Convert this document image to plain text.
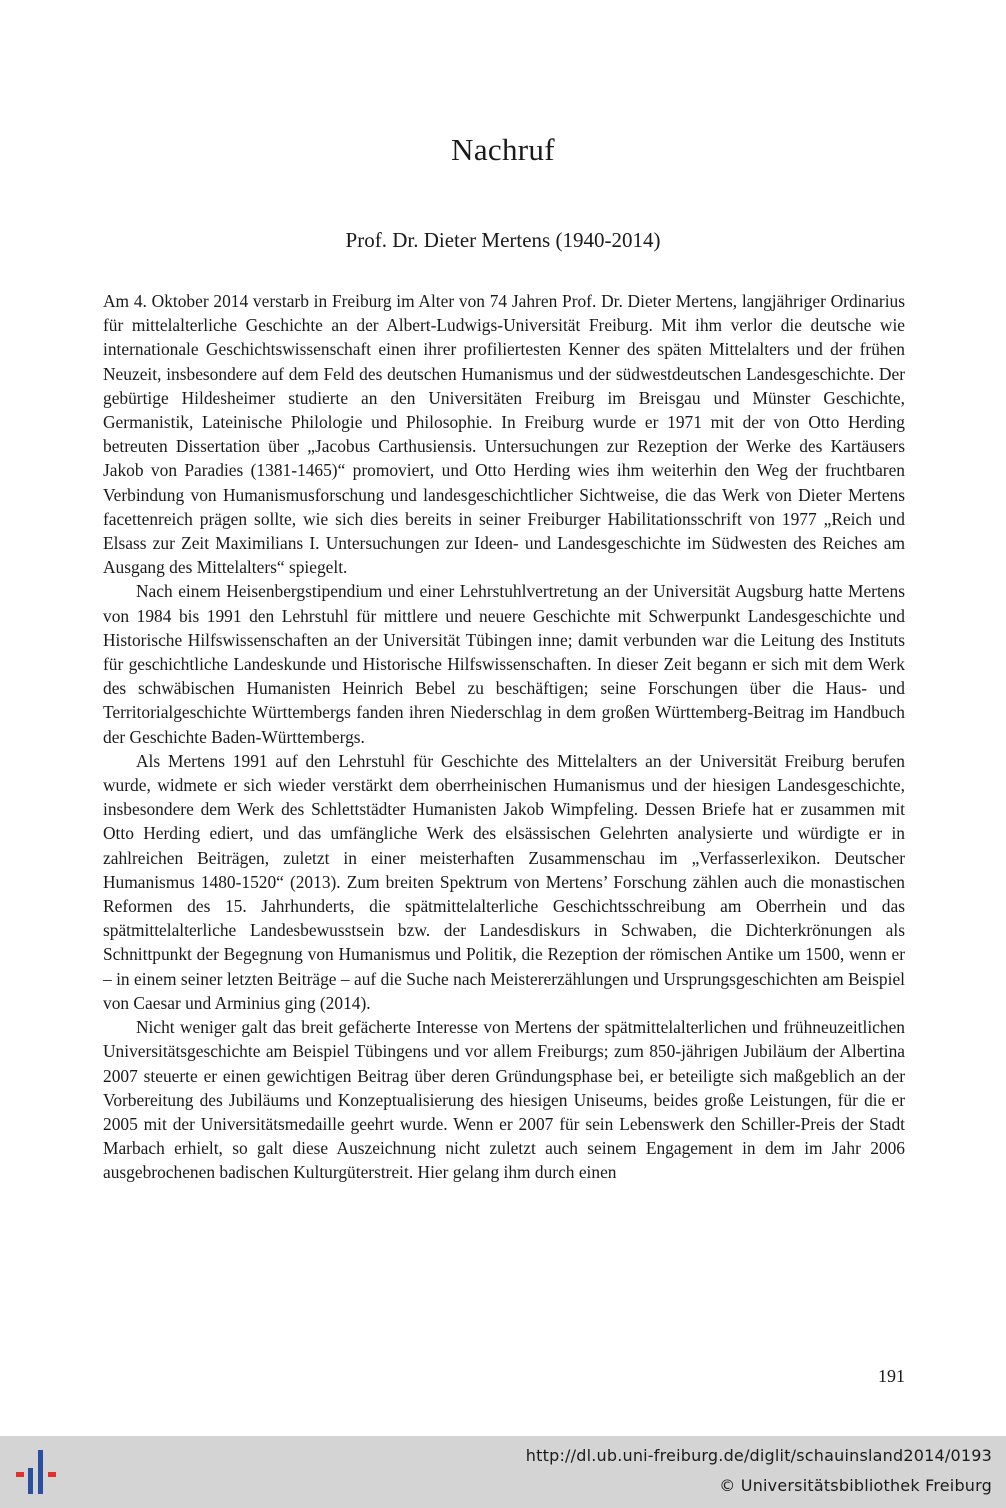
Nachruf
Prof. Dr. Dieter Mertens (1940-2014)

Am 4. Oktober 2014 verstarb in Freiburg im Alter von 74 Jahren Prof. Dr. Dieter Mertens, langjähriger Ordinarius für mittelalterliche Geschichte an der Albert-Ludwigs-Universität Freiburg. Mit ihm verlor die deutsche wie internationale Geschichtswissenschaft einen ihrer profiliertesten Kenner des späten Mittelalters und der frühen Neuzeit, insbesondere auf dem Feld des deutschen Humanismus und der südwestdeutschen Landesgeschichte. Der gebürtige Hildesheimer studierte an den Universitäten Freiburg im Breisgau und Münster Geschichte, Germanistik, Lateinische Philologie und Philosophie. In Freiburg wurde er 1971 mit der von Otto Herding betreuten Dissertation über „Jacobus Carthusiensis. Untersuchungen zur Rezeption der Werke des Kartäusers Jakob von Paradies (1381-1465)“ promoviert, und Otto Herding wies ihm weiterhin den Weg der fruchtbaren Verbindung von Humanismusforschung und landesgeschichtlicher Sichtweise, die das Werk von Dieter Mertens facettenreich prägen sollte, wie sich dies bereits in seiner Freiburger Habilitationsschrift von 1977 „Reich und Elsass zur Zeit Maximilians I. Untersuchungen zur Ideen- und Landesgeschichte im Südwesten des Reiches am Ausgang des Mittelalters“ spiegelt.

Nach einem Heisenbergstipendium und einer Lehrstuhlvertretung an der Universität Augsburg hatte Mertens von 1984 bis 1991 den Lehrstuhl für mittlere und neuere Geschichte mit Schwerpunkt Landesgeschichte und Historische Hilfswissenschaften an der Universität Tübingen inne; damit verbunden war die Leitung des Instituts für geschichtliche Landeskunde und Historische Hilfswissenschaften. In dieser Zeit begann er sich mit dem Werk des schwäbischen Humanisten Heinrich Bebel zu beschäftigen; seine Forschungen über die Haus- und Territorialgeschichte Württembergs fanden ihren Niederschlag in dem großen Württemberg-Beitrag im Handbuch der Geschichte Baden-Württembergs.

Als Mertens 1991 auf den Lehrstuhl für Geschichte des Mittelalters an der Universität Freiburg berufen wurde, widmete er sich wieder verstärkt dem oberrheinischen Humanismus und der hiesigen Landesgeschichte, insbesondere dem Werk des Schlettstädter Humanisten Jakob Wimpfeling. Dessen Briefe hat er zusammen mit Otto Herding ediert, und das umfängliche Werk des elsässischen Gelehrten analysierte und würdigte er in zahlreichen Beiträgen, zuletzt in einer meisterhaften Zusammenschau im „Verfasserlexikon. Deutscher Humanismus 1480-1520“ (2013). Zum breiten Spektrum von Mertens’ Forschung zählen auch die monastischen Reformen des 15. Jahrhunderts, die spätmittelalterliche Geschichtsschreibung am Oberrhein und das spätmittelalterliche Landesbewusstsein bzw. der Landesdiskurs in Schwaben, die Dichterkrönungen als Schnittpunkt der Begegnung von Humanismus und Politik, die Rezeption der römischen Antike um 1500, wenn er – in einem seiner letzten Beiträge – auf die Suche nach Meistererzählungen und Ursprungsgeschichten am Beispiel von Caesar und Arminius ging (2014).

Nicht weniger galt das breit gefächerte Interesse von Mertens der spätmittelalterlichen und frühneuzeitlichen Universitätsgeschichte am Beispiel Tübingens und vor allem Freiburgs; zum 850-jährigen Jubiläum der Albertina 2007 steuerte er einen gewichtigen Beitrag über deren Gründungsphase bei, er beteiligte sich maßgeblich an der Vorbereitung des Jubiläums und Konzeptualisierung des hiesigen Uniseums, beides große Leistungen, für die er 2005 mit der Universitätsmedaille geehrt wurde. Wenn er 2007 für sein Lebenswerk den Schiller-Preis der Stadt Marbach erhielt, so galt diese Auszeichnung nicht zuletzt auch seinem Engagement in dem im Jahr 2006 ausgebrochenen badischen Kulturgüterstreit. Hier gelang ihm durch einen

191
http://dl.ub.uni-freiburg.de/diglit/schauinsland2014/0193
© Universitätsbibliothek Freiburg
